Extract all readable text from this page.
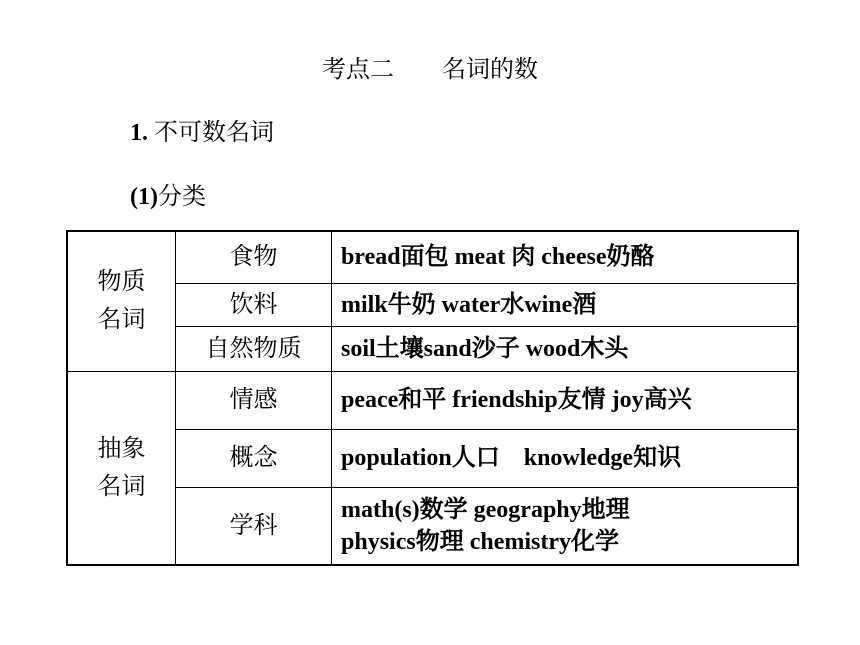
考点二　　名词的数
1. 不可数名词
(1)分类
物质名词	食物	bread面包 meat 肉 cheese奶酪
	饮料	milk牛奶 water水wine酒
	自然物质	soil土壤sand沙子 wood木头
抽象名词	情感	peace和平 friendship友情 joy高兴
	概念	population人口　knowledge知识
	学科	math(s)数学 geography地理
physics物理 chemistry化学
